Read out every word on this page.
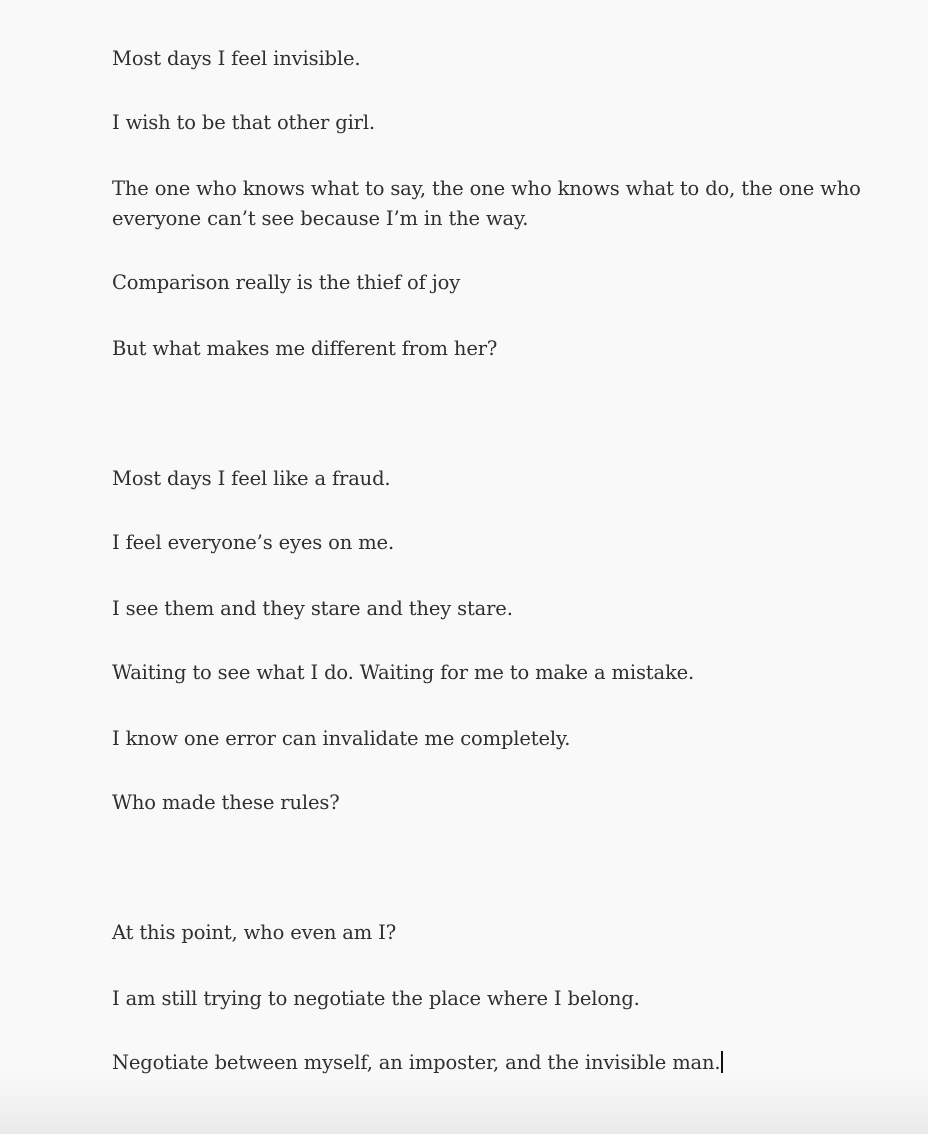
Most days I feel invisible.

I wish to be that other girl.

The one who knows what to say, the one who knows what to do, the one who everyone can’t see because I’m in the way.

Comparison really is the thief of joy

But what makes me different from her?

Most days I feel like a fraud.

I feel everyone’s eyes on me.

I see them and they stare and they stare.

Waiting to see what I do. Waiting for me to make a mistake.

I know one error can invalidate me completely.

Who made these rules?

At this point, who even am I?

I am still trying to negotiate the place where I belong.

Negotiate between myself, an imposter, and the invisible man.
